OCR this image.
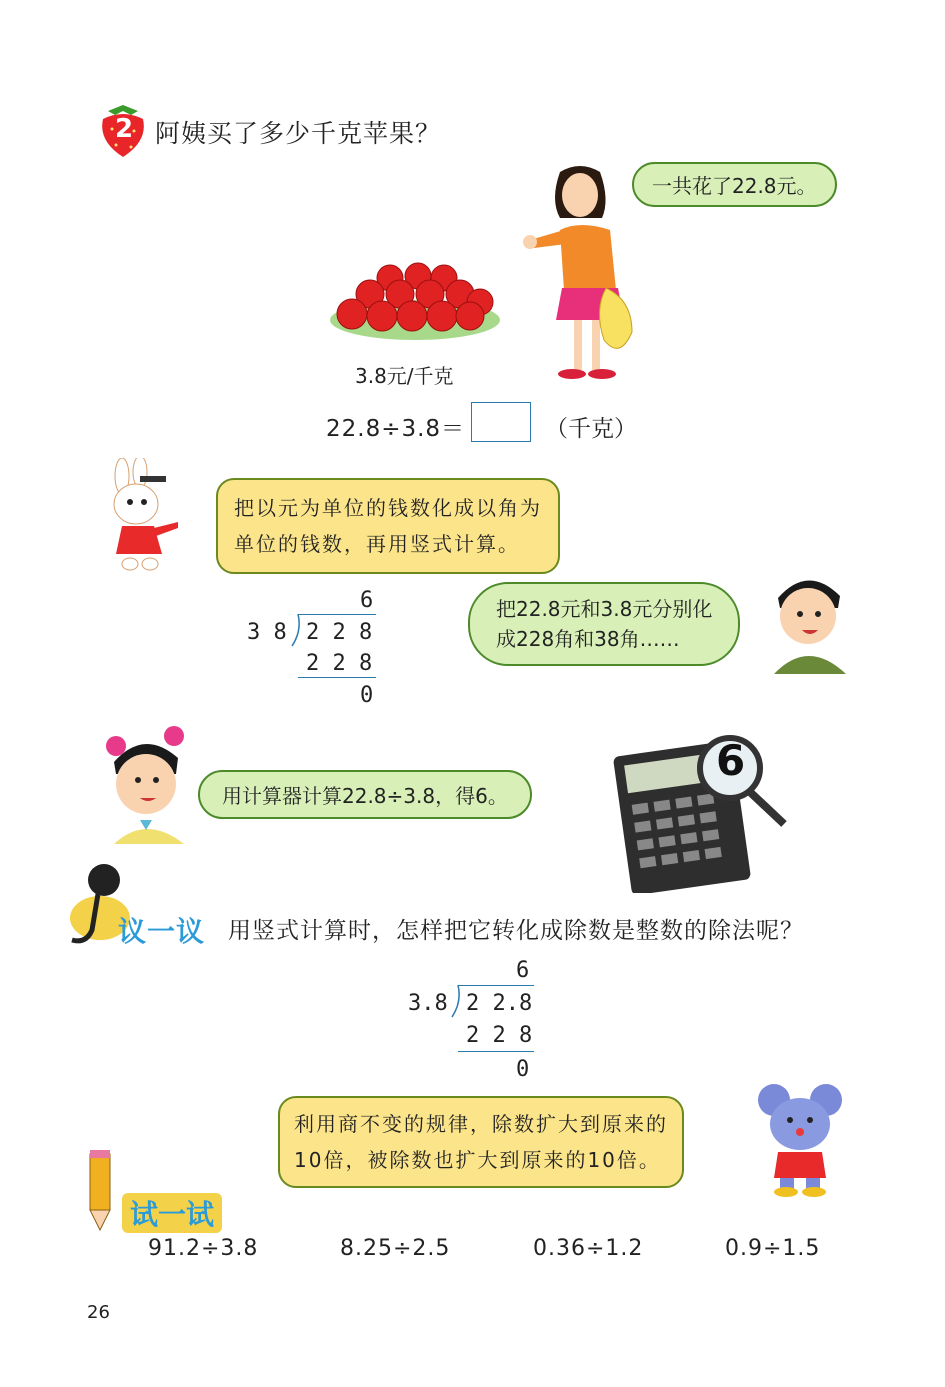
2 阿姨买了多少千克苹果？
一共花了22.8元。
3.8元/千克
22.8÷3.8＝	（千克）
把以元为单位的钱数化成以角为
单位的钱数，再用竖式计算。
6
3 8 2 2 8
2 2 8
0
把22.8元和3.8元分别化
成228角和38角……
用计算器计算22.8÷3.8，得6。
6
议一议 用竖式计算时，怎样把它转化成除数是整数的除法呢？
6
3.8 2 2.8
2 2 8
0
利用商不变的规律，除数扩大到原来的
10倍，被除数也扩大到原来的10倍。
试一试
91.2÷3.8	8.25÷2.5	0.36÷1.2	0.9÷1.5
26
